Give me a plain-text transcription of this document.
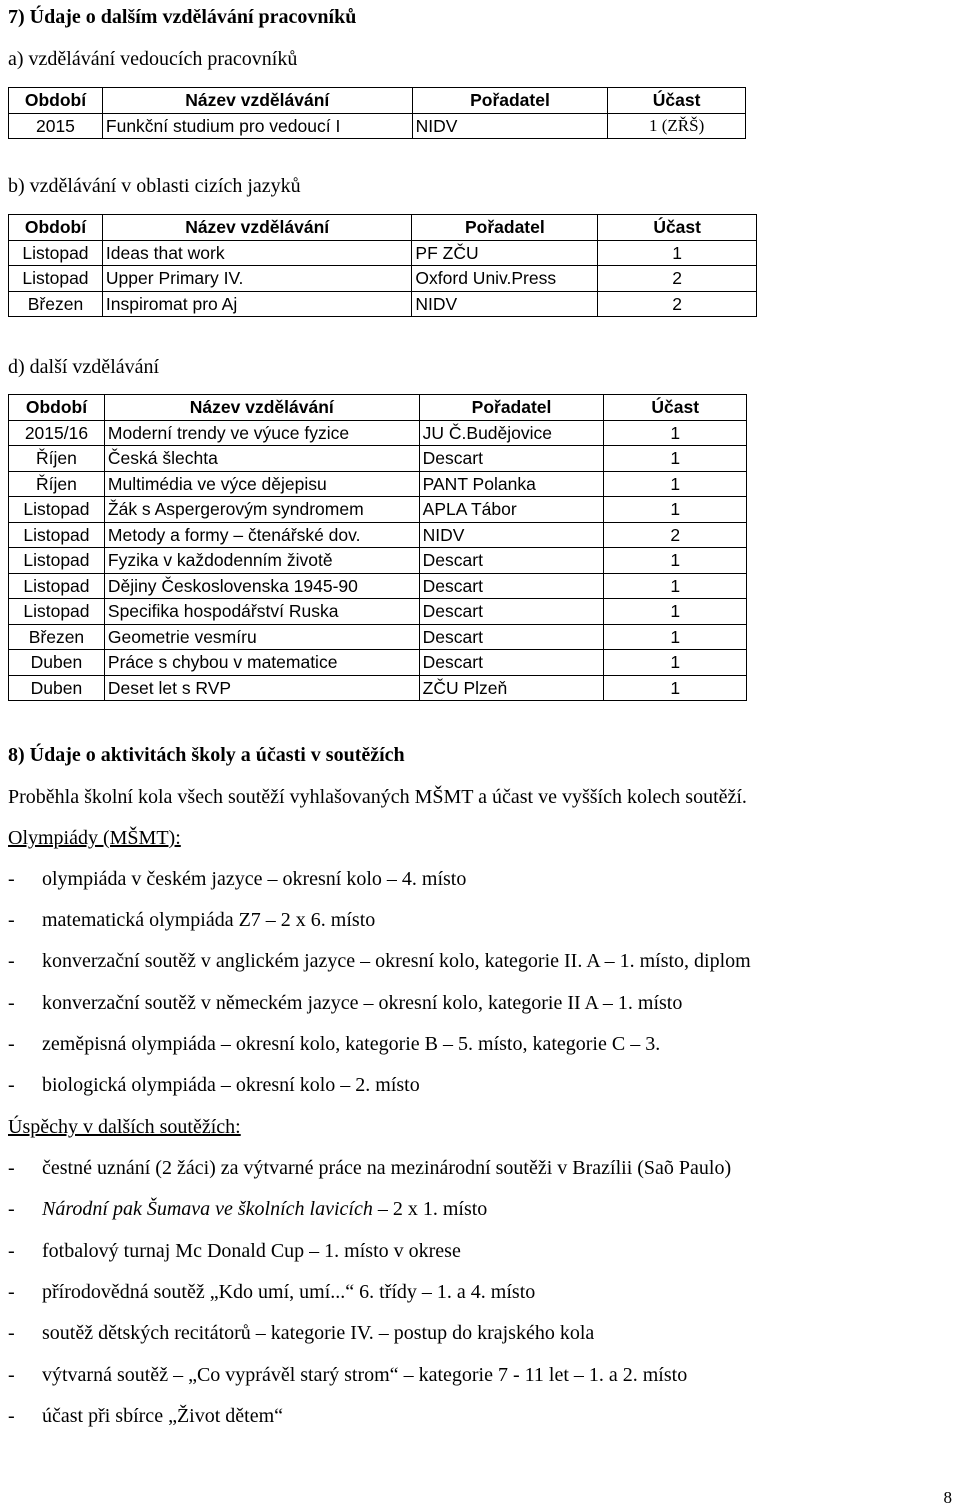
7) Údaje o dalším vzdělávání pracovníků
a) vzdělávání vedoucích pracovníků
Období	Název vzdělávání	Pořadatel	Účast
2015	Funkční studium pro vedoucí I	NIDV	1 (ZŘŠ)
b) vzdělávání v oblasti cizích jazyků
Období	Název vzdělávání	Pořadatel	Účast
Listopad	Ideas that work	PF ZČU	1
Listopad	Upper Primary IV.	Oxford Univ.Press	2
Březen	Inspiromat pro Aj	NIDV	2
d) další vzdělávání
Období	Název vzdělávání	Pořadatel	Účast
2015/16	Moderní trendy ve výuce fyzice	JU Č.Budějovice	1
Říjen	Česká šlechta	Descart	1
Říjen	Multimédia ve výce dějepisu	PANT Polanka	1
Listopad	Žák s Aspergerovým syndromem	APLA Tábor	1
Listopad	Metody a formy – čtenářské dov.	NIDV	2
Listopad	Fyzika v každodenním životě	Descart	1
Listopad	Dějiny Československa 1945-90	Descart	1
Listopad	Specifika hospodářství Ruska	Descart	1
Březen	Geometrie vesmíru	Descart	1
Duben	Práce s chybou v matematice	Descart	1
Duben	Deset let s RVP	ZČU Plzeň	1
8) Údaje o aktivitách školy a účasti v soutěžích
Proběhla školní kola všech soutěží vyhlašovaných MŠMT a účast ve vyšších kolech soutěží.
Olympiády (MŠMT):
- olympiáda v českém jazyce – okresní kolo – 4. místo
- matematická olympiáda Z7 – 2 x 6. místo
- konverzační soutěž v anglickém jazyce – okresní kolo, kategorie II. A – 1. místo, diplom
- konverzační soutěž v německém jazyce – okresní kolo, kategorie II A – 1. místo
- zeměpisná olympiáda – okresní kolo, kategorie B – 5. místo, kategorie C – 3.
- biologická olympiáda – okresní kolo – 2. místo
Úspěchy v dalších soutěžích:
- čestné uznání (2 žáci) za výtvarné práce na mezinárodní soutěži v Brazílii (Saõ Paulo)
- Národní pak Šumava ve školních lavicích – 2 x 1. místo
- fotbalový turnaj Mc Donald Cup – 1. místo v okrese
- přírodovědná soutěž „Kdo umí, umí...“ 6. třídy – 1. a 4. místo
- soutěž dětských recitátorů – kategorie IV. – postup do krajského kola
- výtvarná soutěž – „Co vyprávěl starý strom“ – kategorie 7 - 11 let – 1. a 2. místo
- účast při sbírce „Život dětem“
8
